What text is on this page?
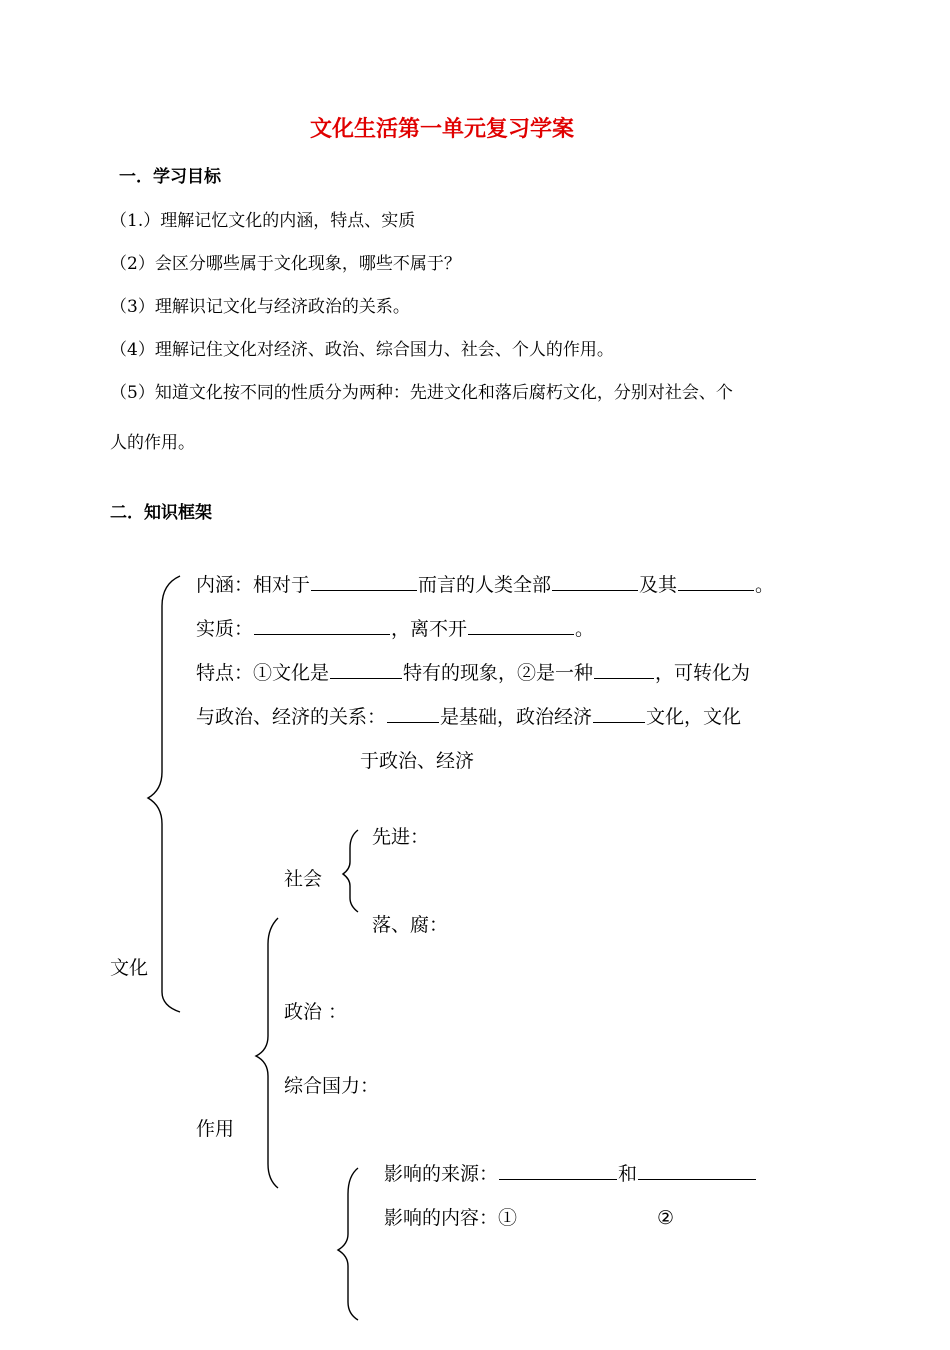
文化生活第一单元复习学案
一．学习目标
（1.）理解记忆文化的内涵，特点、实质
（2）会区分哪些属于文化现象，哪些不属于？
（3）理解识记文化与经济政治的关系。
（4）理解记住文化对经济、政治、综合国力、社会、个人的作用。
（5）知道文化按不同的性质分为两种：先进文化和落后腐朽文化，分别对社会、个
人的作用。
二．知识框架
内涵：相对于	而言的人类全部	及其	。
实质：	，离不开	。
特点：①文化是	特有的现象，②是一种	，可转化为
与政治、经济的关系：	是基础，政治经济	文化，文化
于政治、经济
先进：
社会
落、腐：
文化
政治 ：
综合国力：
作用
影响的来源：	和
影响的内容：①	②
